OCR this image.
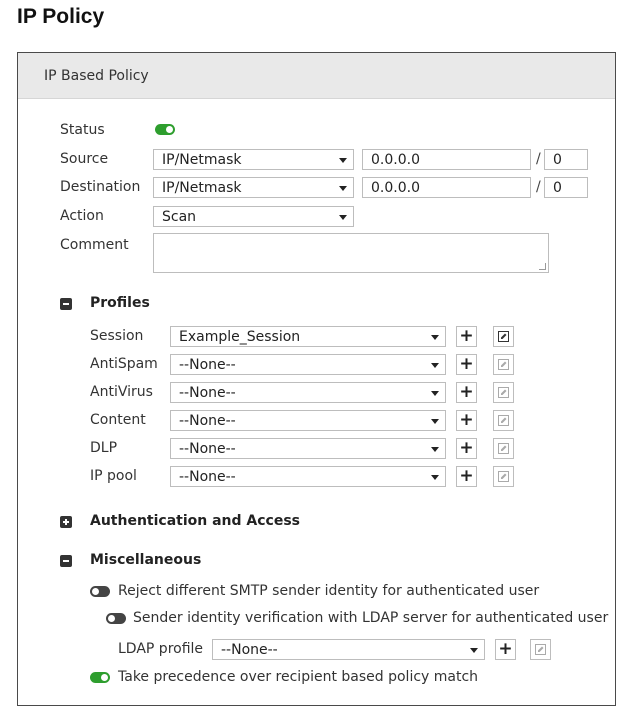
IP Policy
IP Based Policy
Status
Source	IP/Netmask	0.0.0.0	/ 0
Destination IP/Netmask	0.0.0.0	/ 0
Action	Scan
Comment
Profiles
Session	Example_Session	+
AntiSpam --None--	+
AntiVirus --None--	+
Content --None--	+
DLP	--None--	+
IP pool	--None--	+
Authentication and Access
Miscellaneous
Reject different SMTP sender identity for authenticated user
Sender identity verification with LDAP server for authenticated user
LDAP profile --None--	+
Take precedence over recipient based policy match
